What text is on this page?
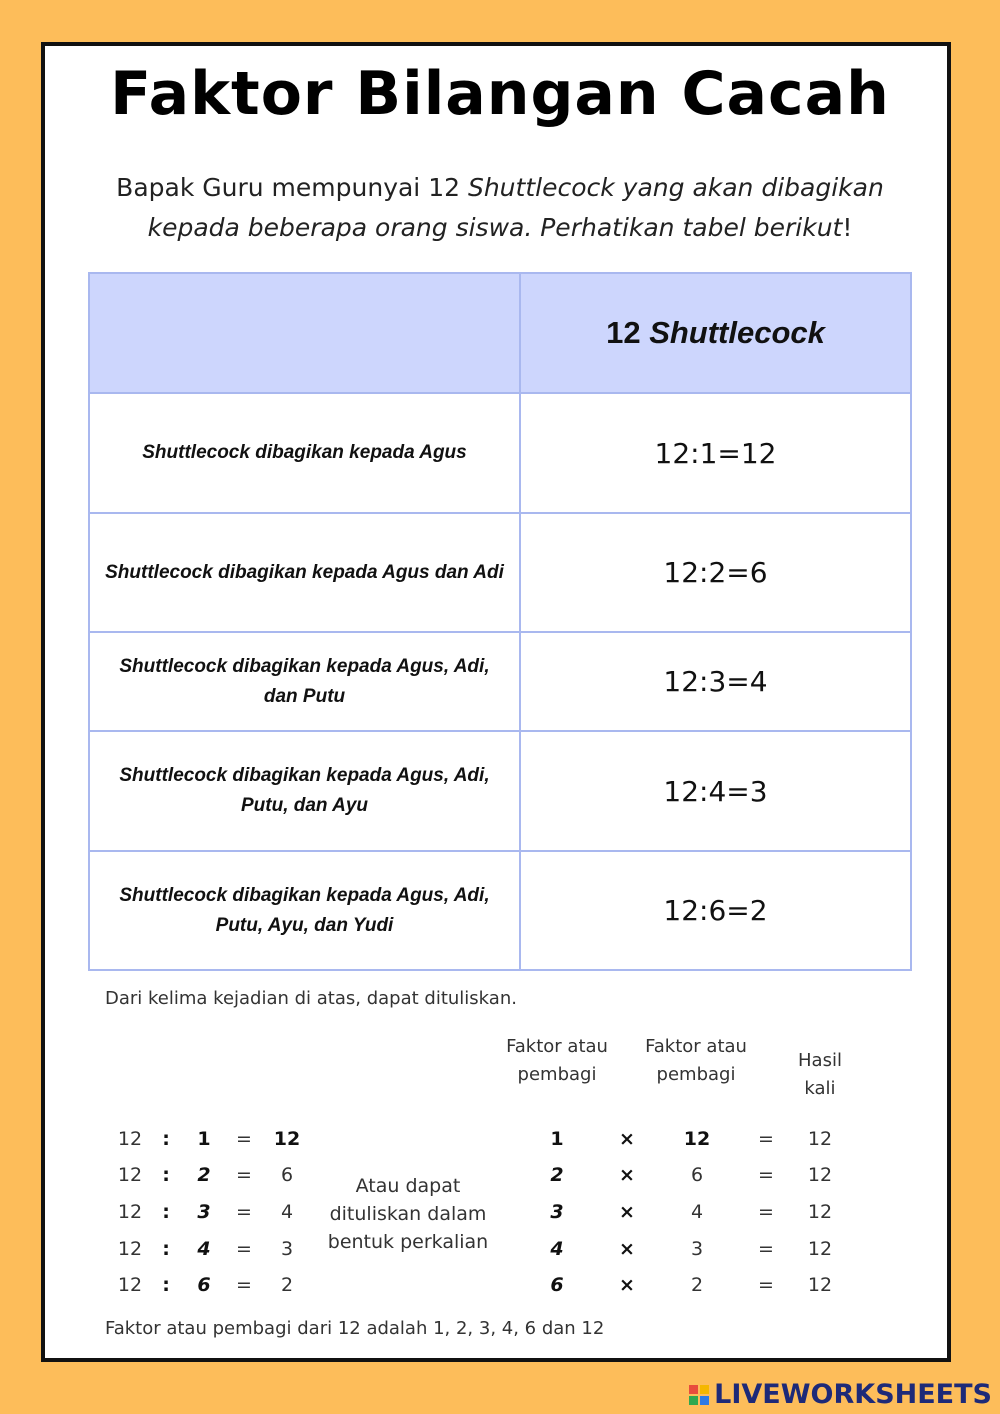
Faktor Bilangan Cacah
Bapak Guru mempunyai 12 Shuttlecock yang akan dibagikan
kepada beberapa orang siswa. Perhatikan tabel berikut!
	12 Shuttlecock
Shuttlecock dibagikan kepada Agus	12:1=12
Shuttlecock dibagikan kepada Agus dan Adi	12:2=6
Shuttlecock dibagikan kepada Agus, Adi, dan Putu	12:3=4
Shuttlecock dibagikan kepada Agus, Adi, Putu, dan Ayu	12:4=3
Shuttlecock dibagikan kepada Agus, Adi, Putu, Ayu, dan Yudi	12:6=2
Dari kelima kejadian di atas, dapat dituliskan.
Faktor atau pembagi
Faktor atau pembagi
Hasil kali
Atau dapat dituliskan dalam bentuk perkalian
12	:	1	=	12	1	×	12	=	12
12	:	2	=	6	2	×	6	=	12
12	:	3	=	4	3	×	4	=	12
12	:	4	=	3	4	×	3	=	12
12	:	6	=	2	6	×	2	=	12
Faktor atau pembagi dari 12 adalah 1, 2, 3, 4, 6 dan 12
LIVEWORKSHEETS
